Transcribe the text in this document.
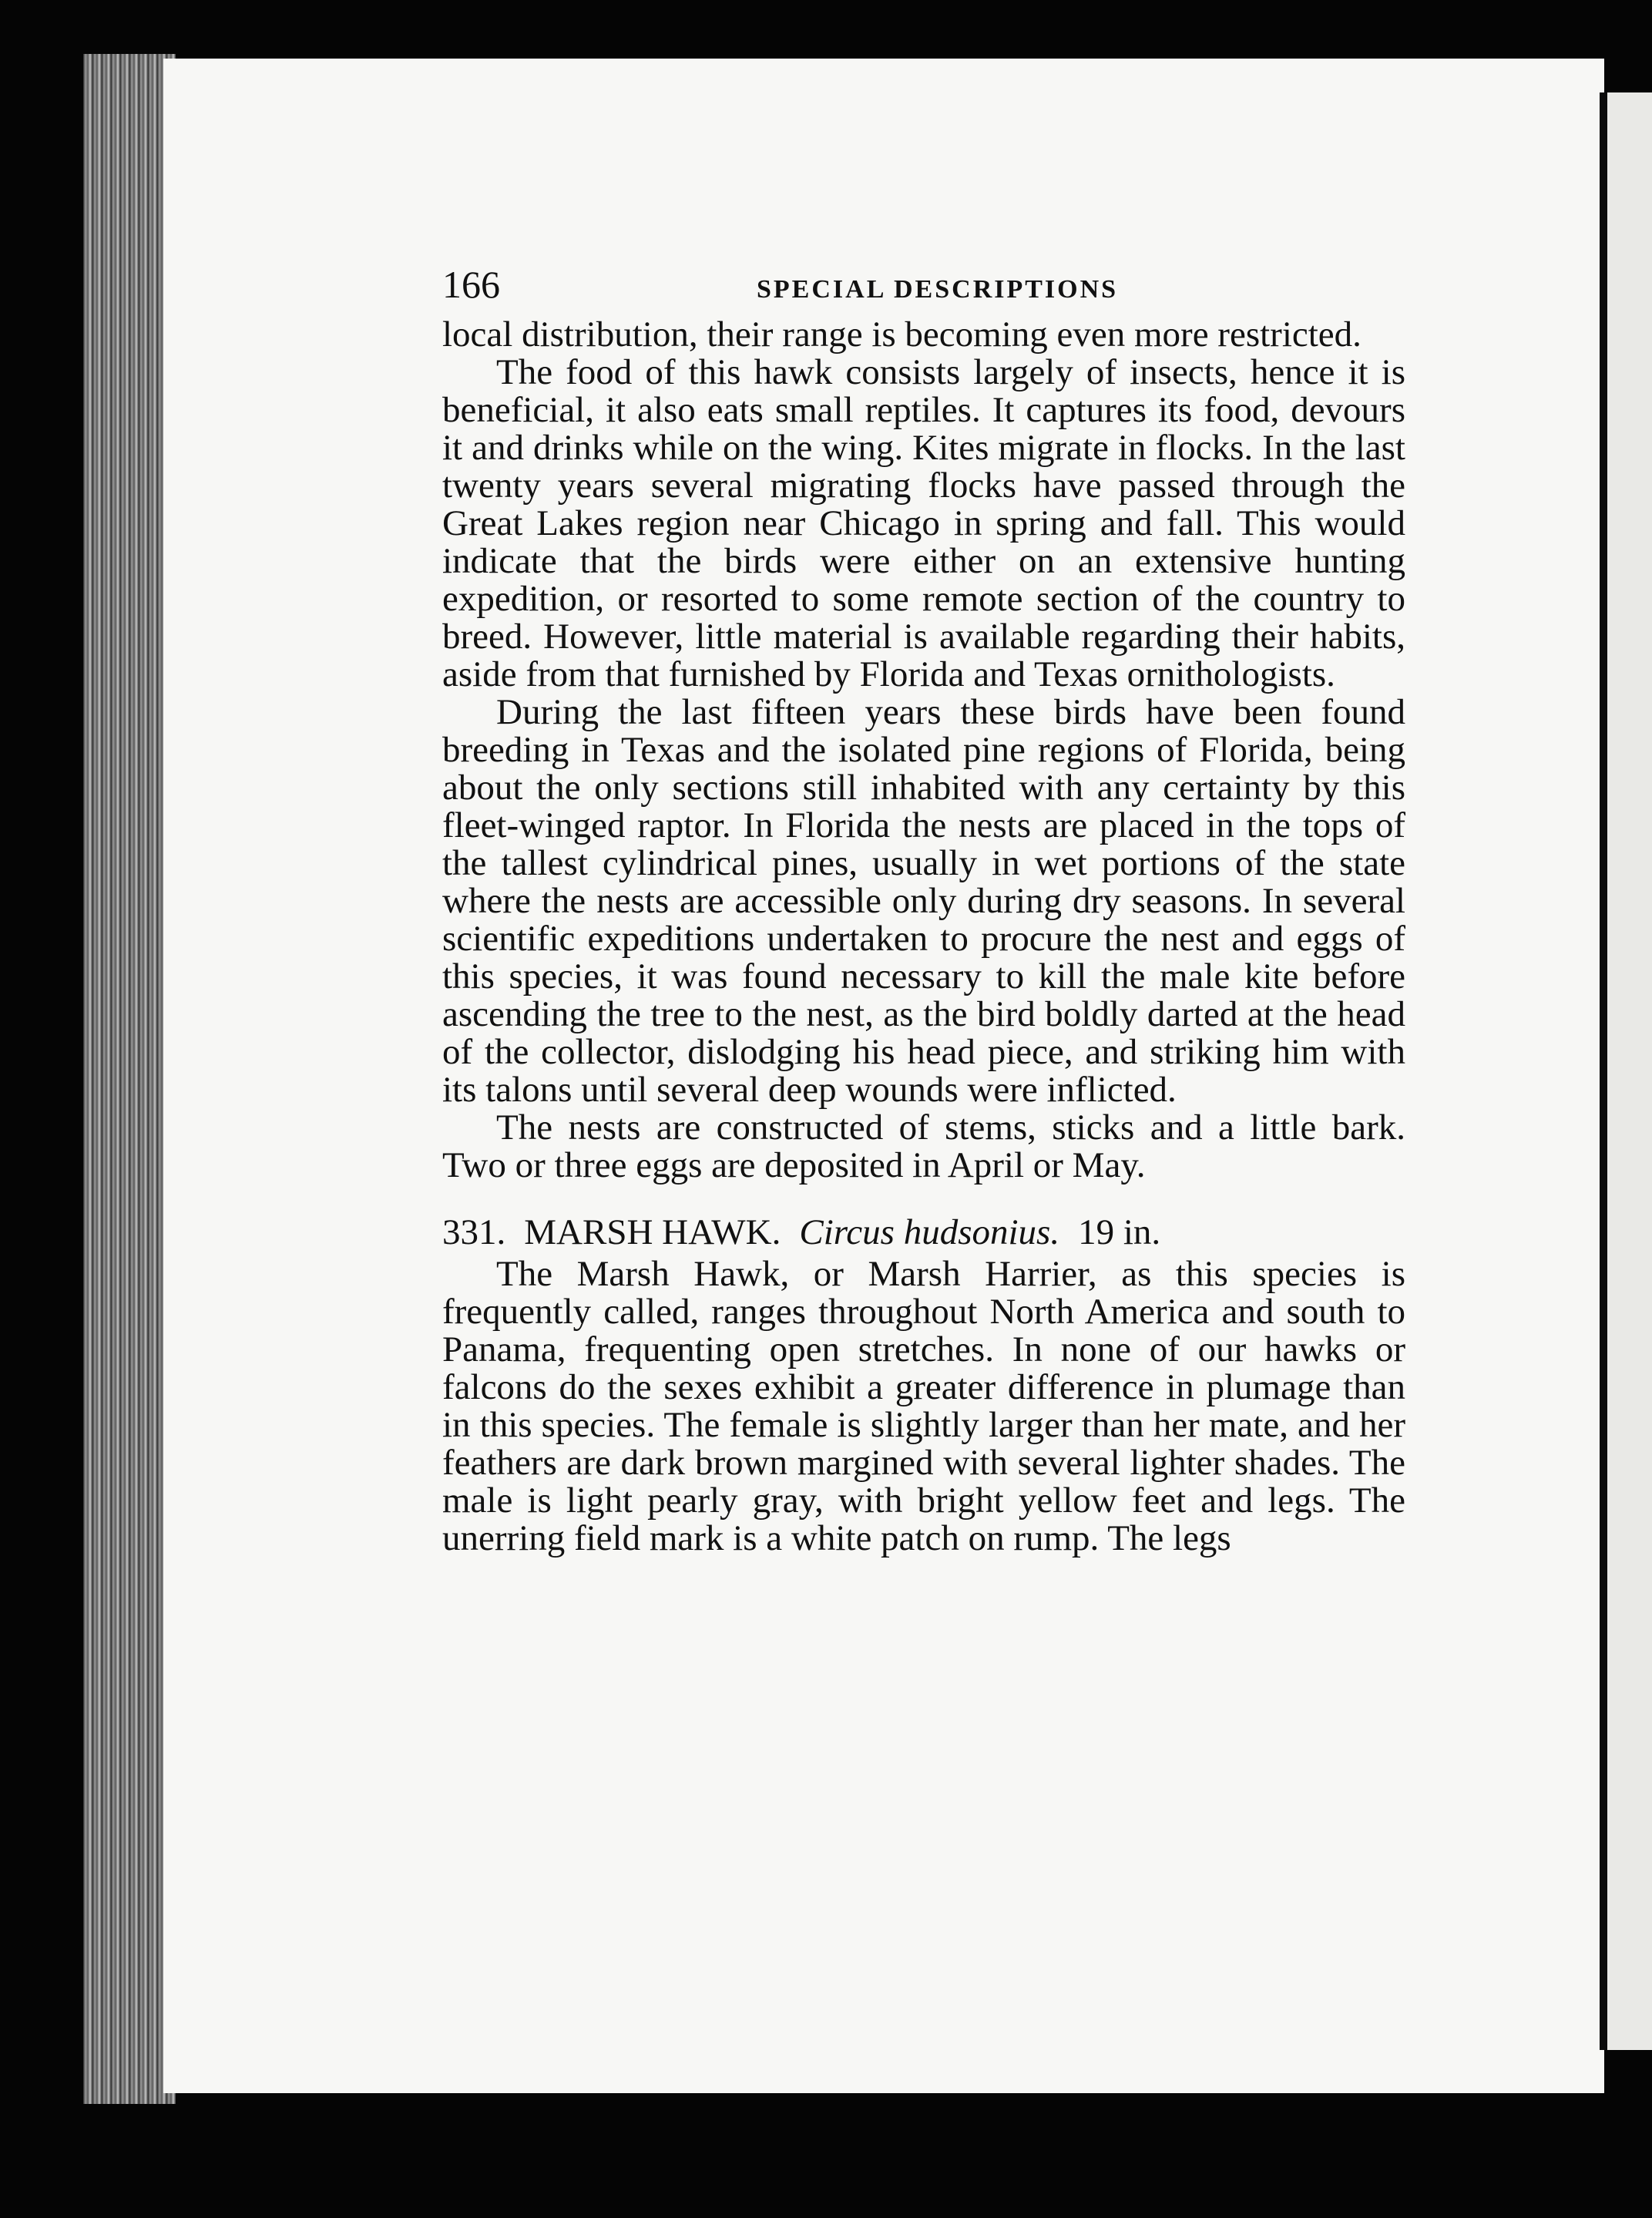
166	SPECIAL DESCRIPTIONS

local distribution, their range is becoming even more restricted.

The food of this hawk consists largely of insects, hence it is beneficial, it also eats small reptiles. It captures its food, devours it and drinks while on the wing. Kites migrate in flocks. In the last twenty years several migrating flocks have passed through the Great Lakes region near Chicago in spring and fall. This would indicate that the birds were either on an extensive hunting expedition, or resorted to some remote section of the country to breed. However, little material is available regarding their habits, aside from that furnished by Florida and Texas ornithologists.

During the last fifteen years these birds have been found breeding in Texas and the isolated pine regions of Florida, being about the only sections still inhabited with any certainty by this fleet-winged raptor. In Florida the nests are placed in the tops of the tallest cylindrical pines, usually in wet portions of the state where the nests are accessible only during dry seasons. In several scientific expeditions undertaken to procure the nest and eggs of this species, it was found necessary to kill the male kite before ascending the tree to the nest, as the bird boldly darted at the head of the collector, dislodging his head piece, and striking him with its talons until several deep wounds were inflicted.

The nests are constructed of stems, sticks and a little bark. Two or three eggs are deposited in April or May.

331. MARSH HAWK. Circus hudsonius. 19 in.

The Marsh Hawk, or Marsh Harrier, as this species is frequently called, ranges throughout North America and south to Panama, frequenting open stretches. In none of our hawks or falcons do the sexes exhibit a greater difference in plumage than in this species. The female is slightly larger than her mate, and her feathers are dark brown margined with several lighter shades. The male is light pearly gray, with bright yellow feet and legs. The unerring field mark is a white patch on rump. The legs
